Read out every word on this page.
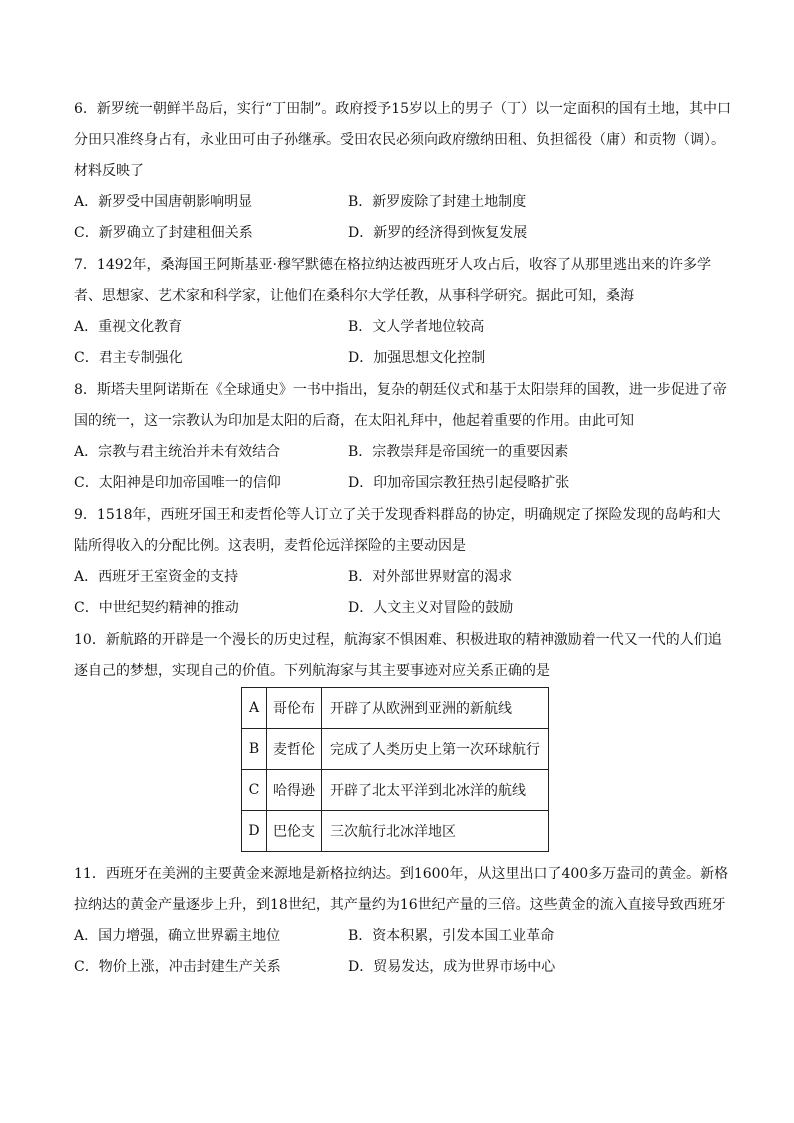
6．新罗统一朝鲜半岛后，实行“丁田制”。政府授予15岁以上的男子（丁）以一定面积的国有土地，其中口分田只准终身占有，永业田可由子孙继承。受田农民必须向政府缴纳田租、负担徭役（庸）和贡物（调）。材料反映了
A．新罗受中国唐朝影响明显	B．新罗废除了封建土地制度
C．新罗确立了封建租佃关系	D．新罗的经济得到恢复发展
7．1492年，桑海国王阿斯基亚·穆罕默德在格拉纳达被西班牙人攻占后，收容了从那里逃出来的许多学者、思想家、艺术家和科学家，让他们在桑科尔大学任教，从事科学研究。据此可知，桑海
A．重视文化教育	B．文人学者地位较高
C．君主专制强化	D．加强思想文化控制
8．斯塔夫里阿诺斯在《全球通史》一书中指出，复杂的朝廷仪式和基于太阳崇拜的国教，进一步促进了帝国的统一，这一宗教认为印加是太阳的后裔，在太阳礼拜中，他起着重要的作用。由此可知
A．宗教与君主统治并未有效结合	B．宗教崇拜是帝国统一的重要因素
C．太阳神是印加帝国唯一的信仰	D．印加帝国宗教狂热引起侵略扩张
9．1518年，西班牙国王和麦哲伦等人订立了关于发现香料群岛的协定，明确规定了探险发现的岛屿和大陆所得收入的分配比例。这表明，麦哲伦远洋探险的主要动因是
A．西班牙王室资金的支持	B．对外部世界财富的渴求
C．中世纪契约精神的推动	D．人文主义对冒险的鼓励
10．新航路的开辟是一个漫长的历史过程，航海家不惧困难、积极进取的精神激励着一代又一代的人们追逐自己的梦想，实现自己的价值。下列航海家与其主要事迹对应关系正确的是
A	哥伦布	开辟了从欧洲到亚洲的新航线
B	麦哲伦	完成了人类历史上第一次环球航行
C	哈得逊	开辟了北太平洋到北冰洋的航线
D	巴伦支	三次航行北冰洋地区
11．西班牙在美洲的主要黄金来源地是新格拉纳达。到1600年，从这里出口了400多万盎司的黄金。新格拉纳达的黄金产量逐步上升，到18世纪，其产量约为16世纪产量的三倍。这些黄金的流入直接导致西班牙
A．国力增强，确立世界霸主地位	B．资本积累，引发本国工业革命
C．物价上涨，冲击封建生产关系	D．贸易发达，成为世界市场中心
